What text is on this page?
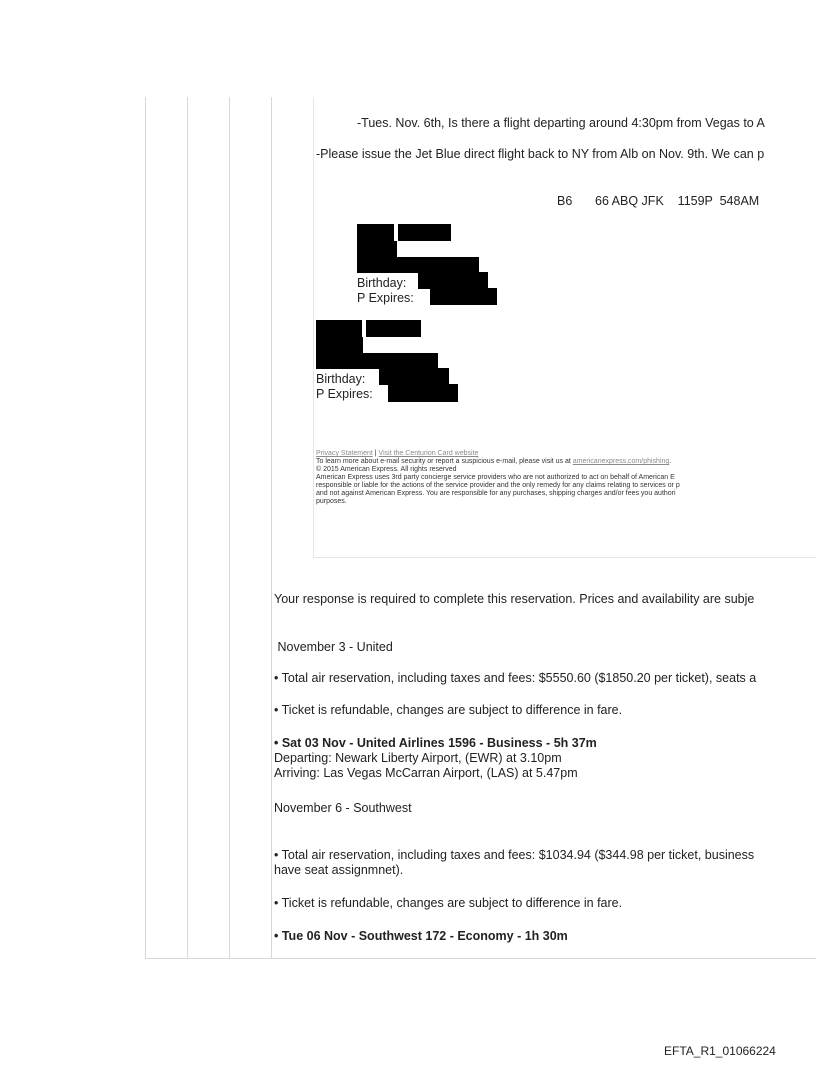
-Tues. Nov. 6th, Is there a flight departing around 4:30pm from Vegas to A
-Please issue the Jet Blue direct flight back to NY from Alb on Nov. 9th. We can p
B6 66 ABQ JFK    1159P  548AM
Birthday:
P Expires:
Birthday:
P Expires:
Privacy Statement | Visit the Centurion Card website
To learn more about e-mail security or report a suspicious e-mail, please visit us at americanexpress.com/phishing.
© 2015 American Express. All rights reserved
American Express uses 3rd party concierge service providers who are not authorized to act on behalf of American E
responsible or liable for the actions of the service provider and the only remedy for any claims relating to services or p
and not against American Express. You are responsible for any purchases, shipping charges and/or fees you authori
purposes.
Your response is required to complete this reservation. Prices and availability are subje
November 3 - United
• Total air reservation, including taxes and fees: $5550.60 ($1850.20 per ticket), seats a
• Ticket is refundable, changes are subject to difference in fare.
• Sat 03 Nov - United Airlines 1596 - Business - 5h 37m
Departing: Newark Liberty Airport, (EWR) at 3.10pm
Arriving: Las Vegas McCarran Airport, (LAS) at 5.47pm
November 6 - Southwest
• Total air reservation, including taxes and fees: $1034.94 ($344.98 per ticket, business
have seat assignmnet).
• Ticket is refundable, changes are subject to difference in fare.
• Tue 06 Nov - Southwest 172 - Economy - 1h 30m
EFTA_R1_01066224
